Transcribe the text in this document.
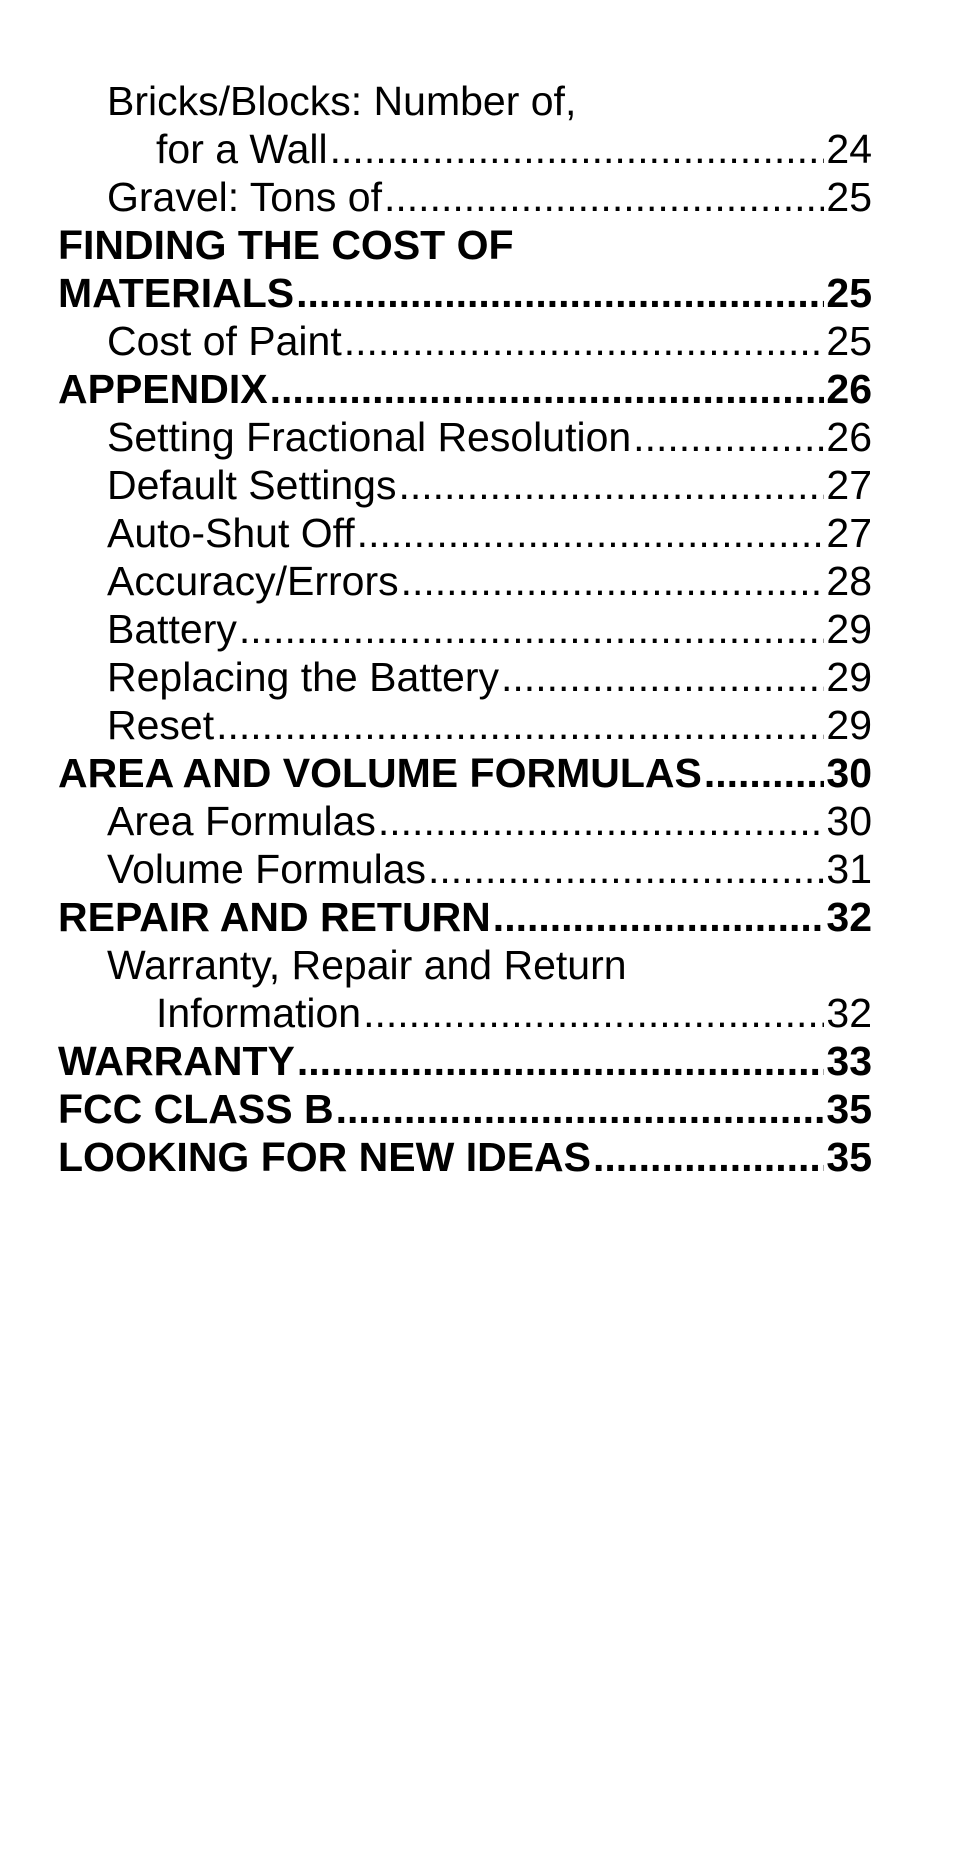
Bricks/Blocks: Number of,
for a Wall .....	24
Gravel: Tons of .....	25
FINDING THE COST OF
MATERIALS .....	25
Cost of Paint .....	25
APPENDIX .....	26
Setting Fractional Resolution .....	26
Default Settings .....	27
Auto-Shut Off .....	27
Accuracy/Errors .....	28
Battery .....	29
Replacing the Battery .....	29
Reset .....	29
AREA AND VOLUME FORMULAS .....	30
Area Formulas .....	30
Volume Formulas .....	31
REPAIR AND RETURN .....	32
Warranty, Repair and Return
Information .....	32
WARRANTY .....	33
FCC CLASS B .....	35
LOOKING FOR NEW IDEAS .....	35
